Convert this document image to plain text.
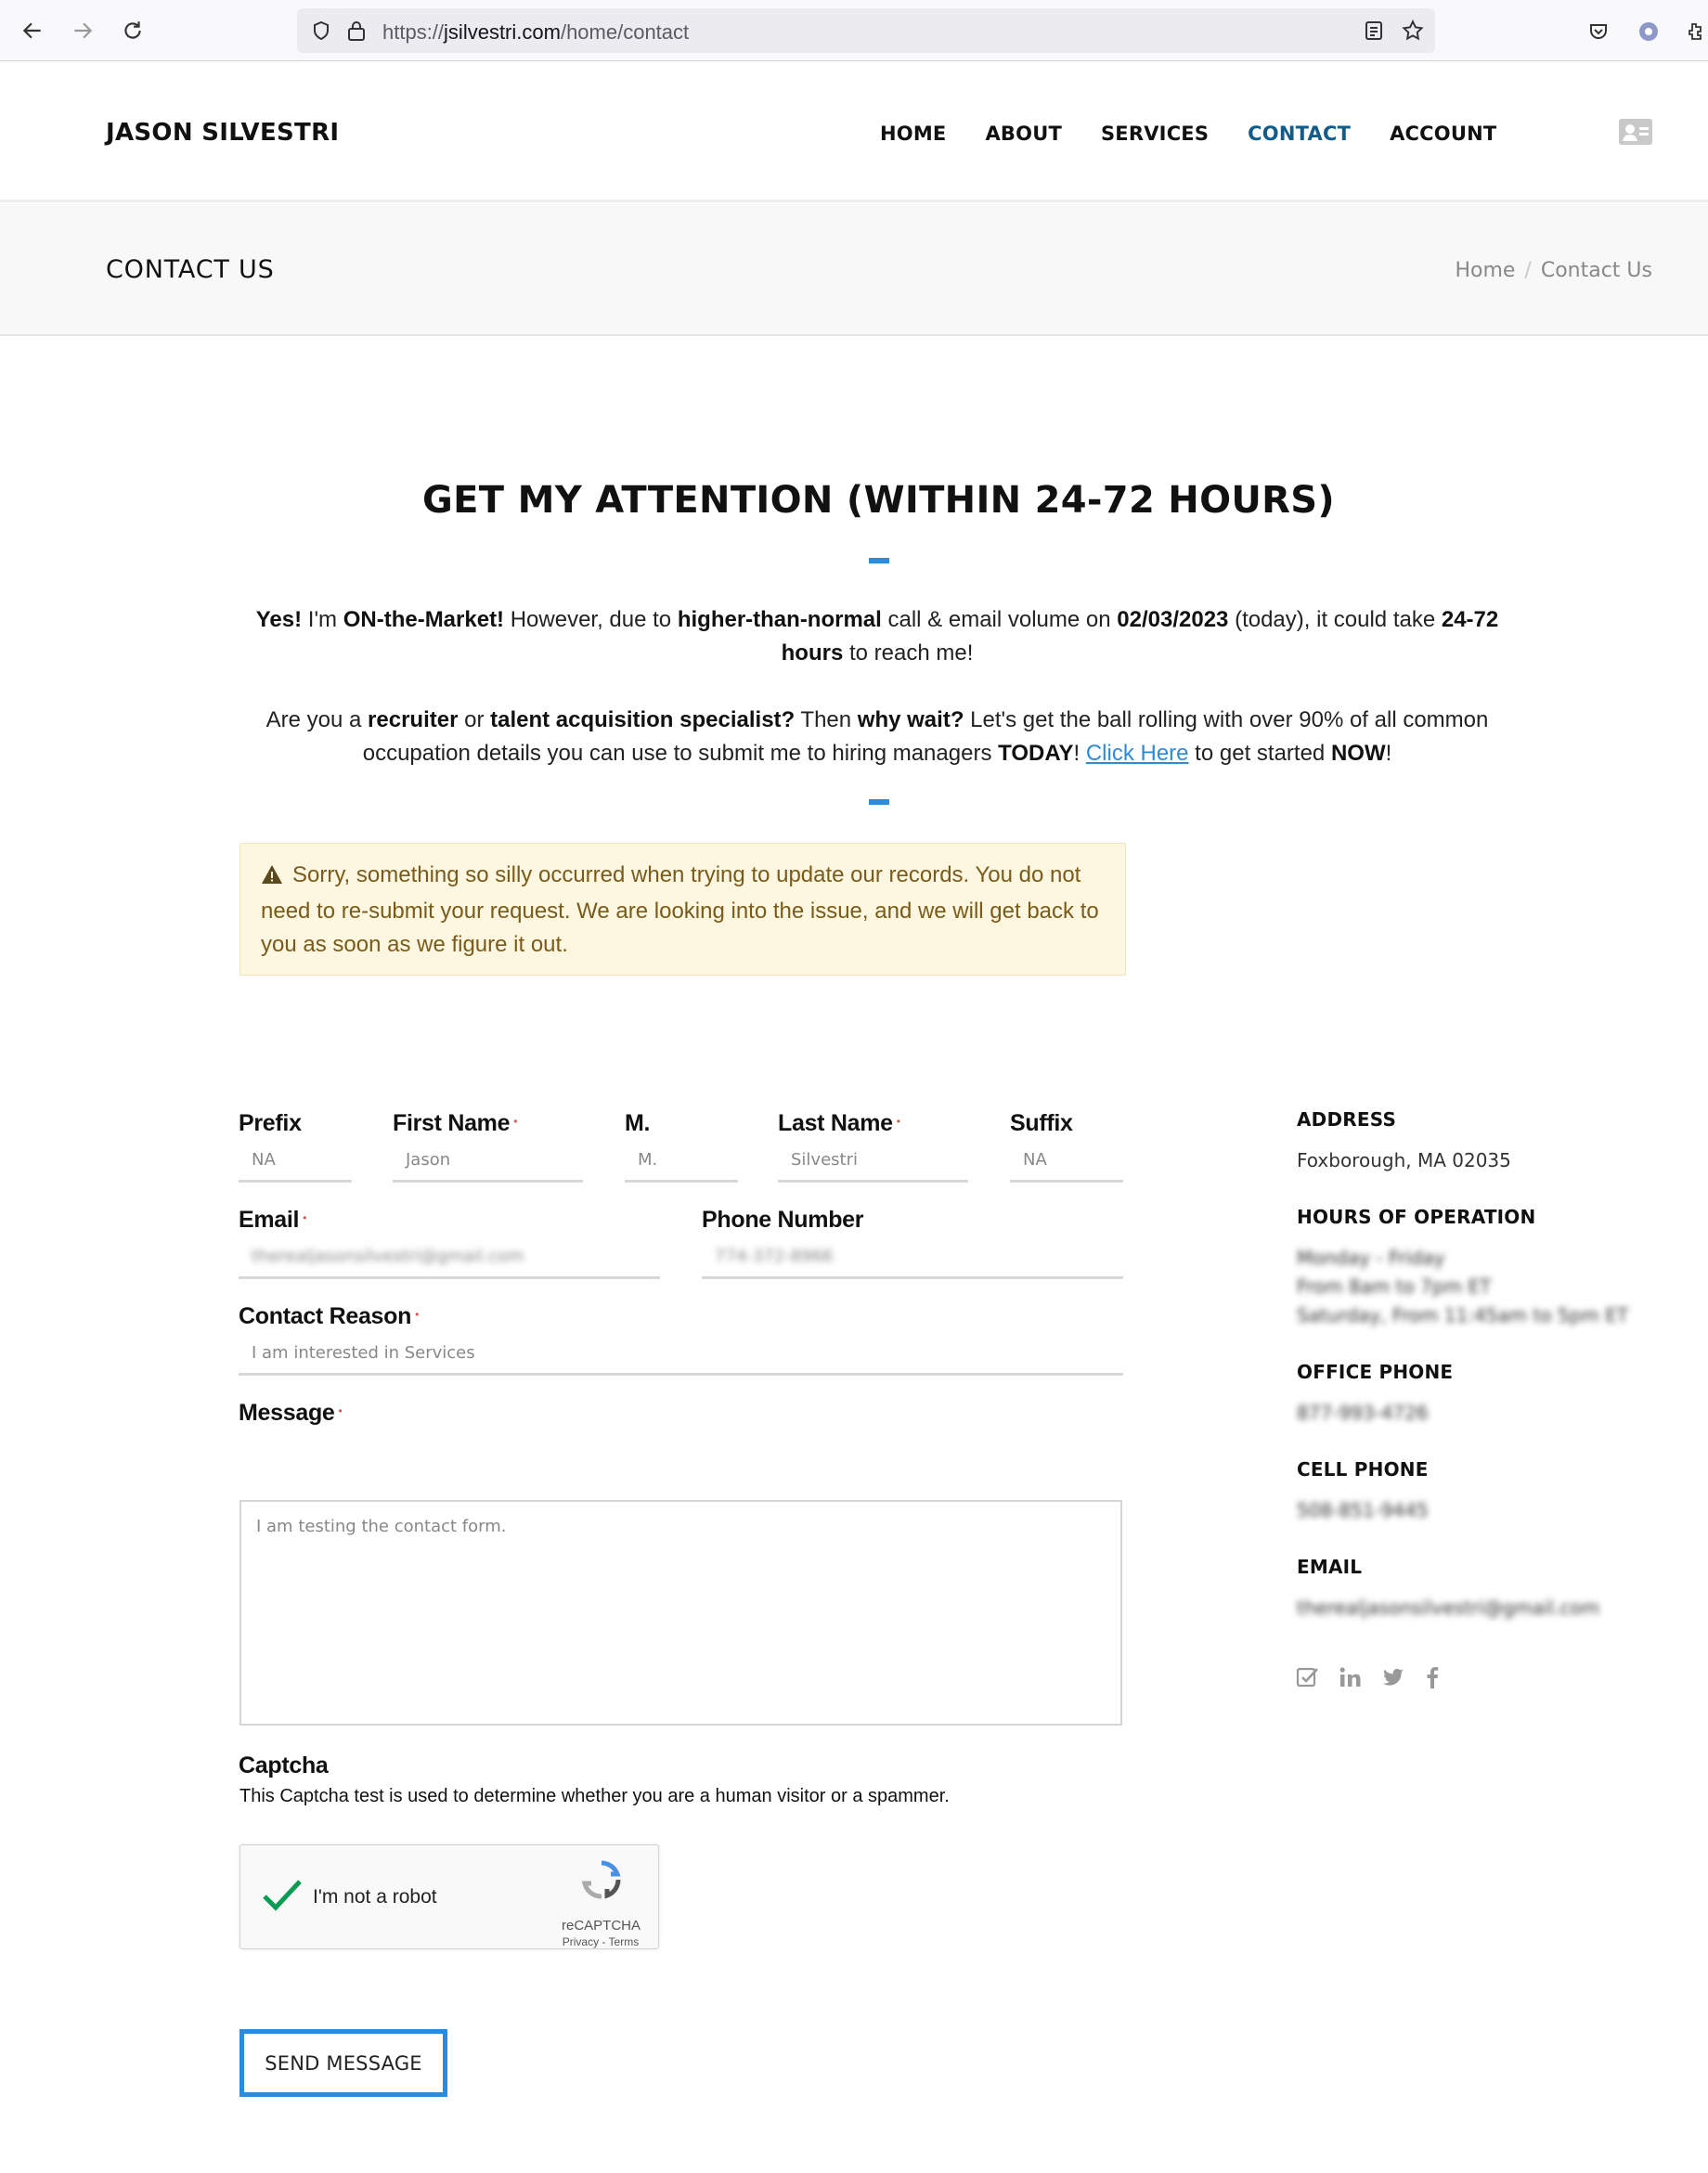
https://jsilvestri.com/home/contact
JASON SILVESTRI	HOME ABOUT SERVICES CONTACT ACCOUNT
CONTACT US	Home / Contact Us
GET MY ATTENTION (WITHIN 24-72 HOURS)
Yes! I'm ON-the-Market! However, due to higher-than-normal call & email volume on 02/03/2023 (today), it could take 24-72 hours to reach me!
Are you a recruiter or talent acquisition specialist? Then why wait? Let's get the ball rolling with over 90% of all common occupation details you can use to submit me to hiring managers TODAY! Click Here to get started NOW!
Sorry, something so silly occurred when trying to update our records. You do not need to re-submit your request. We are looking into the issue, and we will get back to you as soon as we figure it out.
Prefix
NA
First Name •
Jason
M.
M.
Last Name •
Silvestri
Suffix
NA
Email •
therealjasonsilvestri@gmail.com
Phone Number
774-372-8966
Contact Reason •
I am interested in Services
Message •
I am testing the contact form.
Captcha
This Captcha test is used to determine whether you are a human visitor or a spammer.
I'm not a robot
reCAPTCHA
Privacy - Terms
SEND MESSAGE
ADDRESS
Foxborough, MA 02035
HOURS OF OPERATION
Monday - Friday
From 8am to 7pm ET
Saturday, From 11:45am to 5pm ET
OFFICE PHONE
877-993-4726
CELL PHONE
508-851-9445
EMAIL
therealjasonsilvestri@gmail.com
